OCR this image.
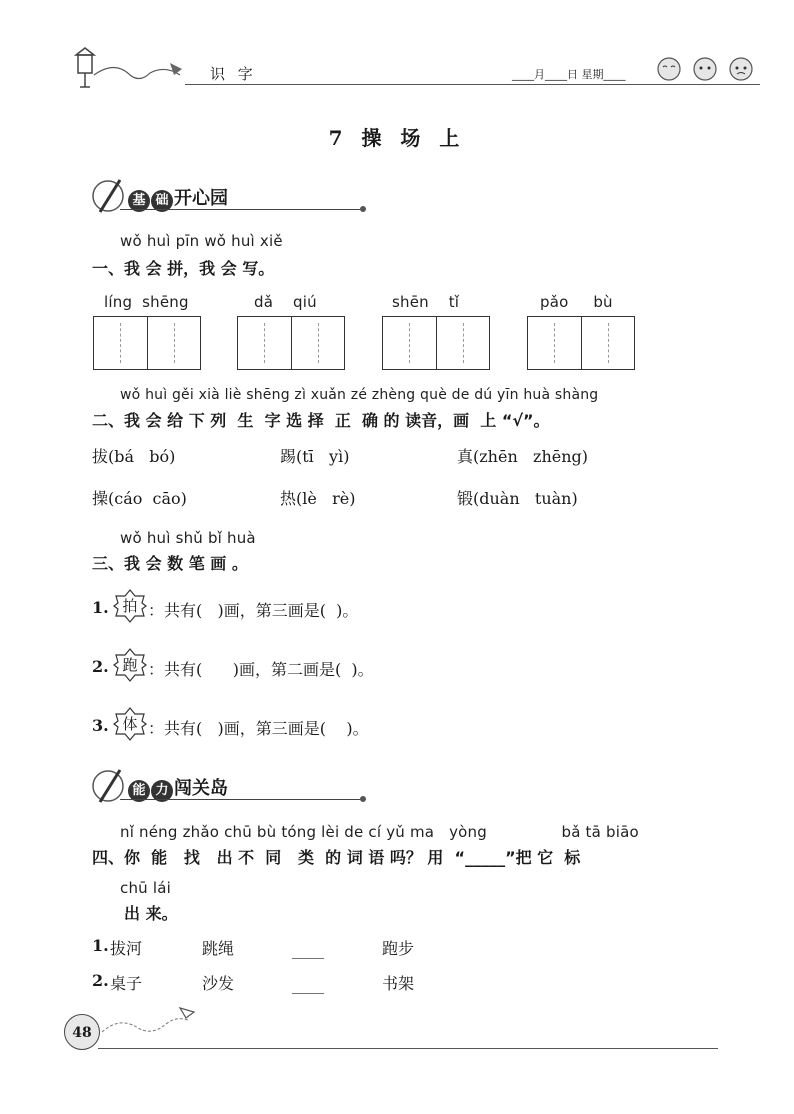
识 字	____月____日 星期____
7 操 场 上
基 础 开心园
wǒ huì pīn wǒ huì xiě
一、我 会 拼，我 会 写。
líng  shēng	dǎ    qiú	shēn    tǐ	pǎo     bù
wǒ huì gěi xià liè shēng zì xuǎn zé zhèng què de dú yīn huà shàng
二、我 会 给 下 列  生  字 选 择  正  确 的 读音，画  上 “√”。
拔(bá   bó)	踢(tī   yì)	真(zhēn   zhēng)
操(cáo  cāo)	热(lè   rè)	锻(duàn   tuàn)
wǒ huì shǔ bǐ huà
三、我 会 数 笔 画 。
1. 拍 ：共有(   )画，第三画是(  )。
2. 跑 ：共有(      )画，第二画是(  )。
3. 体 ：共有(   )画，第三画是(    )。
能 力 闯关岛
nǐ néng zhǎo chū bù tóng lèi de cí yǔ ma   yòng               bǎ tā biāo
四、你  能   找   出 不  同   类  的 词 语 吗？ 用  “_____”把 它  标
chū lái
出 来。
1. 拔河	跳绳	____	跑步
2. 桌子	沙发	____	书架
48
